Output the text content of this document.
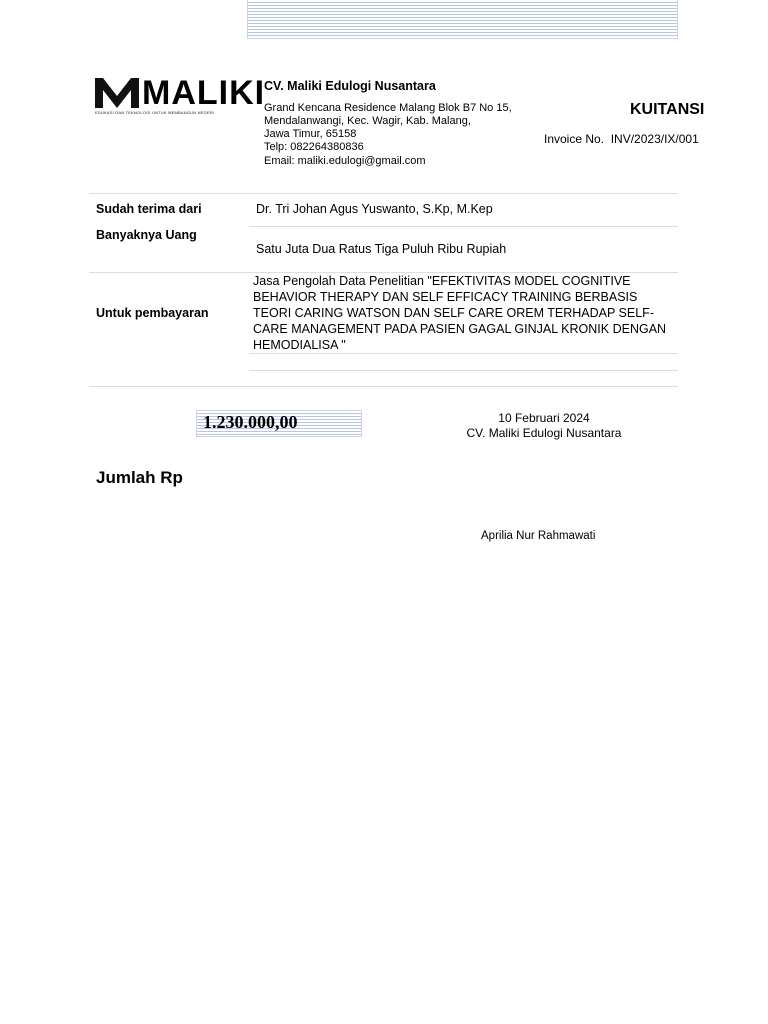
MALIKI
EDUKASI DAN TEKNOLOGI UNTUK MEMBANGUN NEGERI
CV. Maliki Edulogi Nusantara
Grand Kencana Residence Malang Blok B7 No 15,
Mendalanwangi, Kec. Wagir, Kab. Malang,
Jawa Timur, 65158
Telp: 082264380836
Email: maliki.edulogi@gmail.com
KUITANSI
Invoice No. INV/2023/IX/001
Sudah terima dari	Dr. Tri Johan Agus Yuswanto, S.Kp, M.Kep
Banyaknya Uang
Satu Juta Dua Ratus Tiga Puluh Ribu Rupiah
Untuk pembayaran
Jasa Pengolah Data Penelitian "EFEKTIVITAS MODEL COGNITIVE BEHAVIOR THERAPY DAN SELF EFFICACY TRAINING BERBASIS TEORI CARING WATSON DAN SELF CARE OREM TERHADAP SELF-CARE MANAGEMENT PADA PASIEN GAGAL GINJAL KRONIK DENGAN HEMODIALISA "
1.230.000,00	10 Februari 2024
CV. Maliki Edulogi Nusantara
Jumlah Rp
Aprilia Nur Rahmawati
